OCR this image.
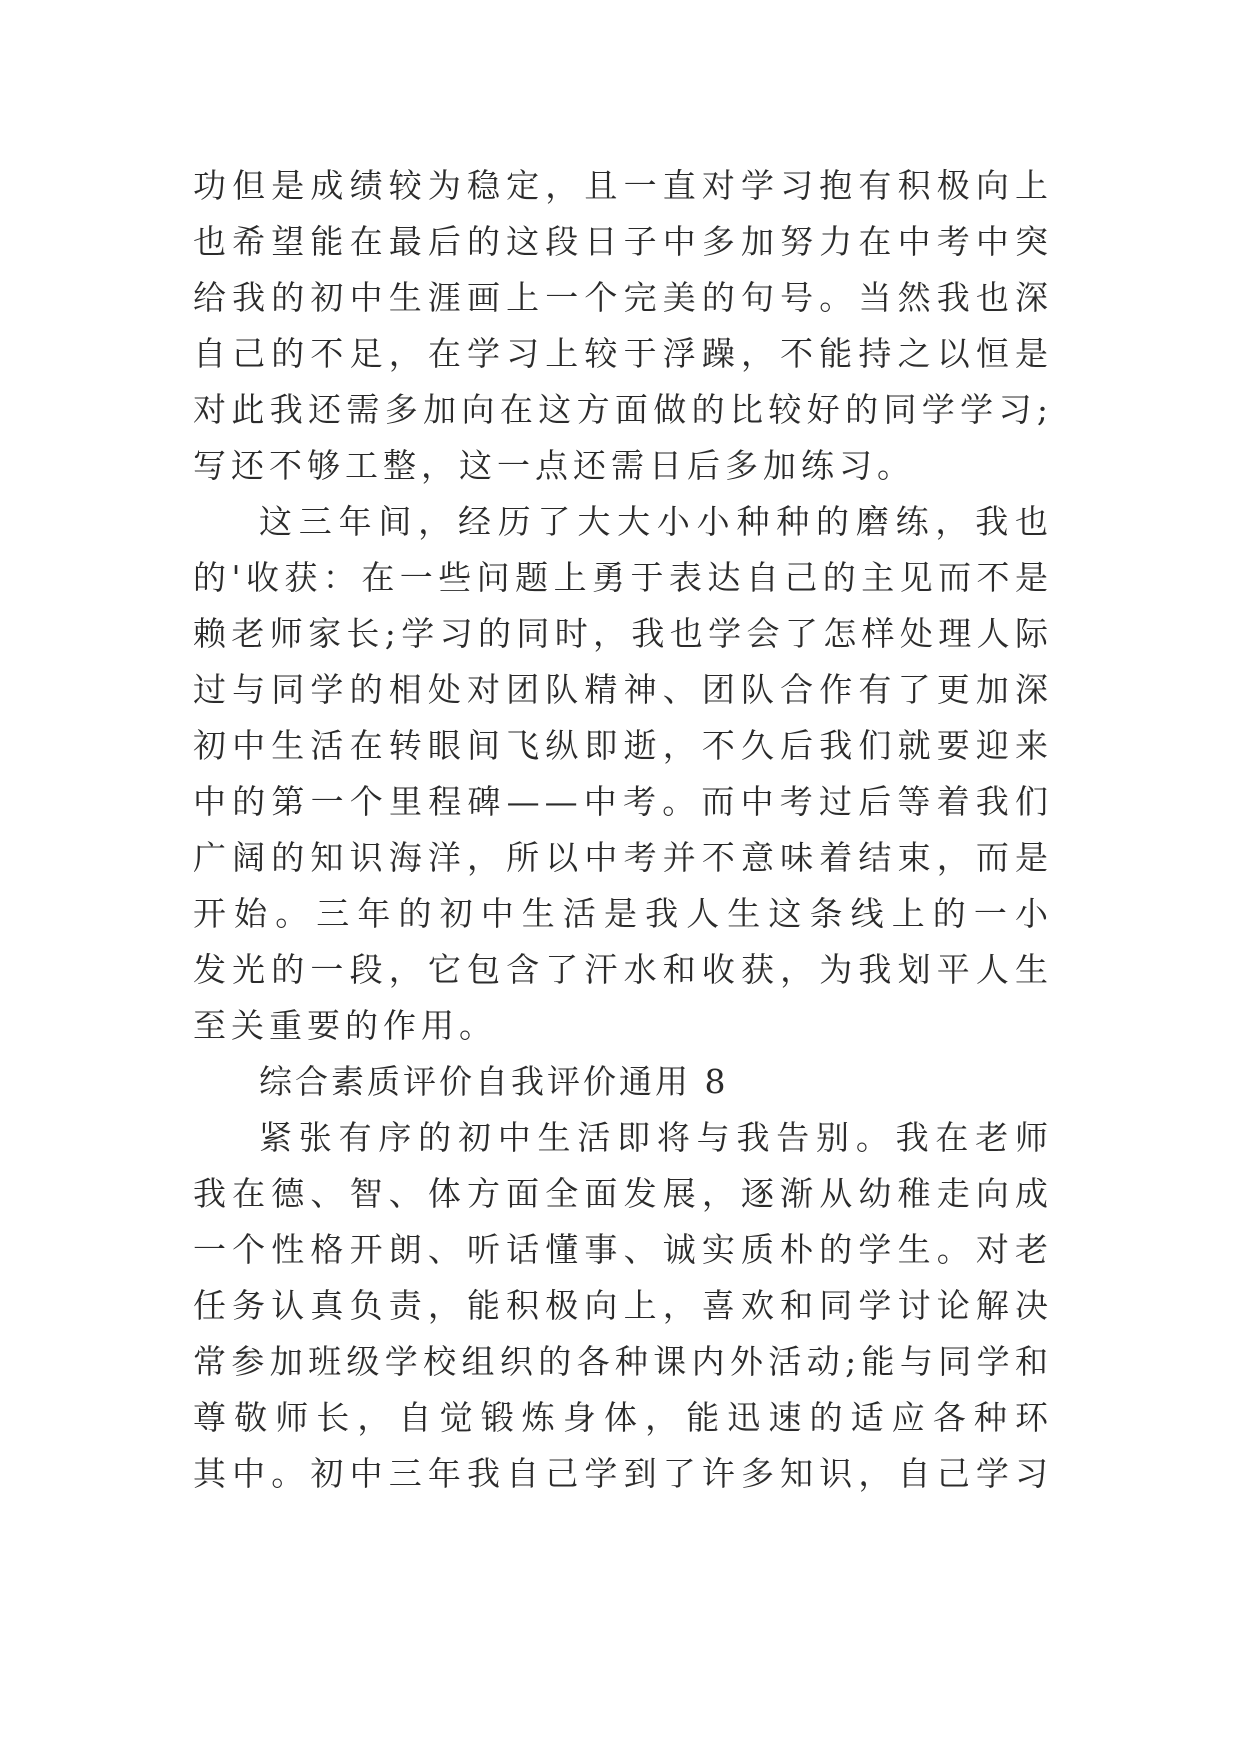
功但是成绩较为稳定，且一直对学习抱有积极向上
也希望能在最后的这段日子中多加努力在中考中突
给我的初中生涯画上一个完美的句号。当然我也深
自己的不足，在学习上较于浮躁，不能持之以恒是
对此我还需多加向在这方面做的比较好的同学学习;
写还不够工整，这一点还需日后多加练习。
这三年间，经历了大大小小种种的磨练，我也
的'收获：在一些问题上勇于表达自己的主见而不是
赖老师家长;学习的同时，我也学会了怎样处理人际
过与同学的相处对团队精神、团队合作有了更加深
初中生活在转眼间飞纵即逝，不久后我们就要迎来
中的第一个里程碑——中考。而中考过后等着我们
广阔的知识海洋，所以中考并不意味着结束，而是
开始。三年的初中生活是我人生这条线上的一小
发光的一段，它包含了汗水和收获，为我划平人生
至关重要的作用。
综合素质评价自我评价通用 8
紧张有序的初中生活即将与我告别。我在老师
我在德、智、体方面全面发展，逐渐从幼稚走向成
一个性格开朗、听话懂事、诚实质朴的学生。对老
任务认真负责，能积极向上，喜欢和同学讨论解决
常参加班级学校组织的各种课内外活动;能与同学和
尊敬师长，自觉锻炼身体，能迅速的适应各种环
其中。初中三年我自己学到了许多知识，自己学习
